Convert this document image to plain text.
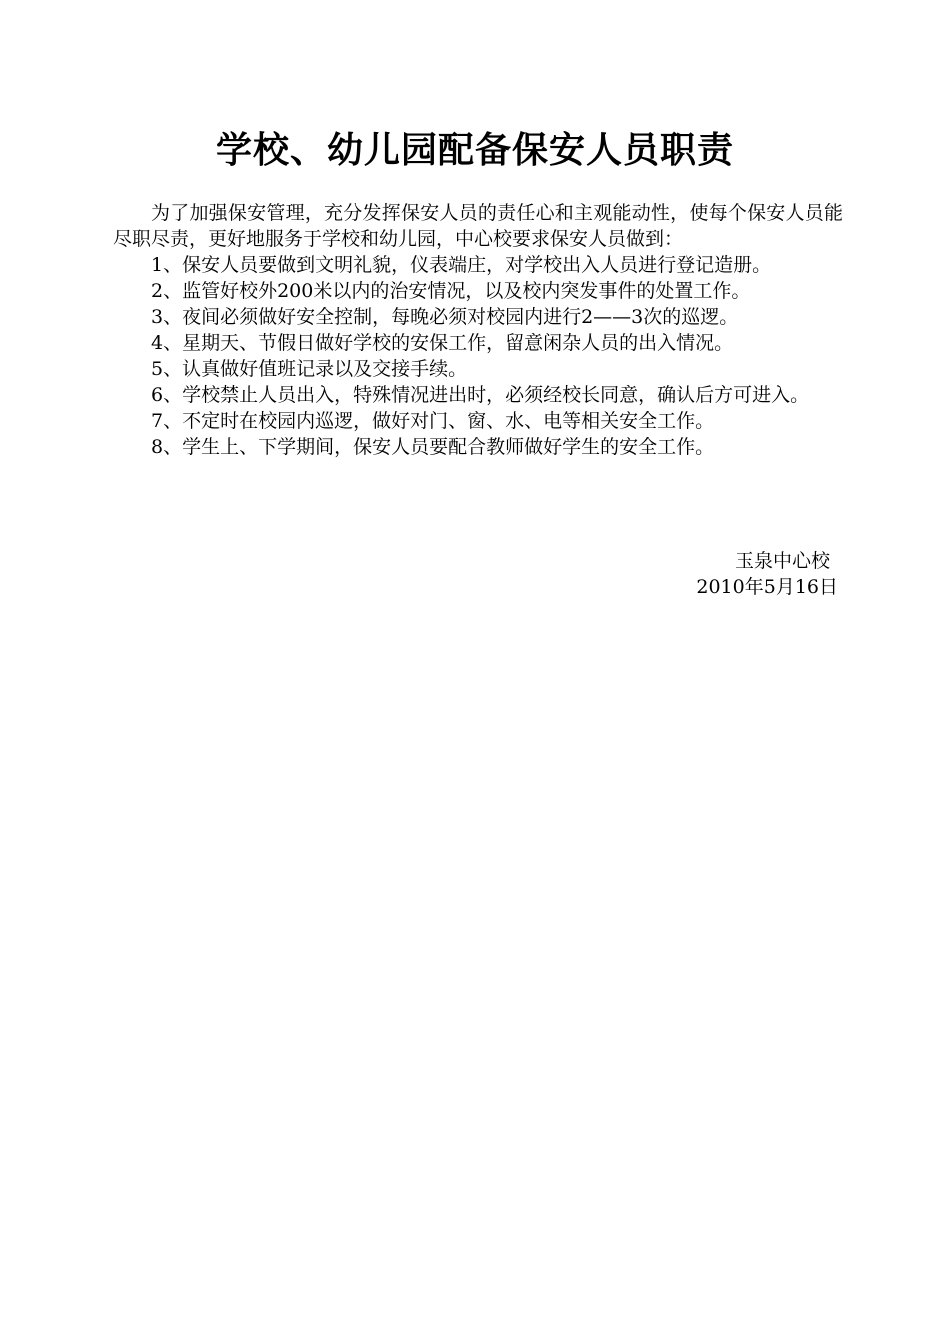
学校、幼儿园配备保安人员职责

为了加强保安管理，充分发挥保安人员的责任心和主观能动性，使每个保安人员能尽职尽责，更好地服务于学校和幼儿园，中心校要求保安人员做到：

1、保安人员要做到文明礼貌，仪表端庄，对学校出入人员进行登记造册。

2、监管好校外200米以内的治安情况，以及校内突发事件的处置工作。

3、夜间必须做好安全控制，每晚必须对校园内进行2——3次的巡逻。

4、星期天、节假日做好学校的安保工作，留意闲杂人员的出入情况。

5、认真做好值班记录以及交接手续。

6、学校禁止人员出入，特殊情况进出时，必须经校长同意，确认后方可进入。

7、不定时在校园内巡逻，做好对门、窗、水、电等相关安全工作。

8、学生上、下学期间，保安人员要配合教师做好学生的安全工作。

玉泉中心校
2010年5月16日
